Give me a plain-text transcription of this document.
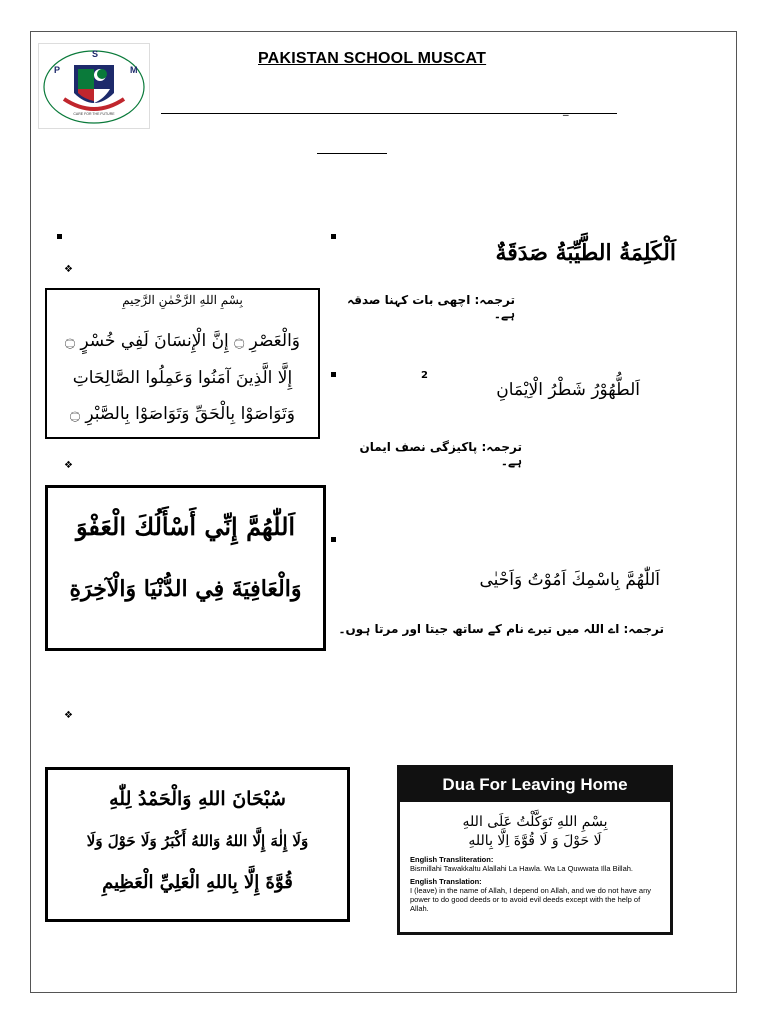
P
S
M
CARE FOR THE FUTURE
PAKISTAN SCHOOL MUSCAT
_
❖
اَلْكَلِمَةُ الطَّيِّبَةُ صَدَقَةٌ
ترجمہ: اچھی بات کہنا صدقہ ہے۔
بِسْمِ اللهِ الرَّحْمٰنِ الرَّحِيمِ
وَالْعَصْرِ ۝ إِنَّ الْإِنسَانَ لَفِي خُسْرٍ ۝
إِلَّا الَّذِينَ آمَنُوا وَعَمِلُوا الصَّالِحَاتِ
وَتَوَاصَوْا بِالْحَقِّ وَتَوَاصَوْا بِالصَّبْرِ ۝
2
اَلطُّهُوْرُ شَطْرُ الْاِيْمَانِ
ترجمہ: پاکیزگی نصف ایمان ہے۔
❖
اَللّٰهُمَّ إِنِّي أَسْأَلُكَ الْعَفْوَ
وَالْعَافِيَةَ فِي الدُّنْيَا وَالْآخِرَةِ	اَللّٰهُمَّ بِاسْمِكَ اَمُوْتُ وَاَحْيٰى
ترجمہ: اے اللہ میں تیرے نام کے ساتھ جیتا اور مرتا ہوں۔
❖
سُبْحَانَ اللهِ وَالْحَمْدُ لِلّٰهِ
وَلَا إِلٰهَ إِلَّا اللهُ وَاللهُ أَكْبَرُ وَلَا حَوْلَ وَلَا
قُوَّةَ إِلَّا بِاللهِ الْعَلِيِّ الْعَظِيمِ
Dua For Leaving Home
بِسْمِ اللهِ تَوَكَّلْتُ عَلَى اللهِ
لَا حَوْلَ وَ لَا قُوَّةَ اِلَّا بِاللهِ
English Transliteration:
Bismillahi Tawakkaltu Alallahi La Hawla. Wa La Quwwata Illa Billah.
English Translation:
I (leave) in the name of Allah, I depend on Allah, and we do not have any power to do good deeds or to avoid evil deeds except with the help of Allah.
